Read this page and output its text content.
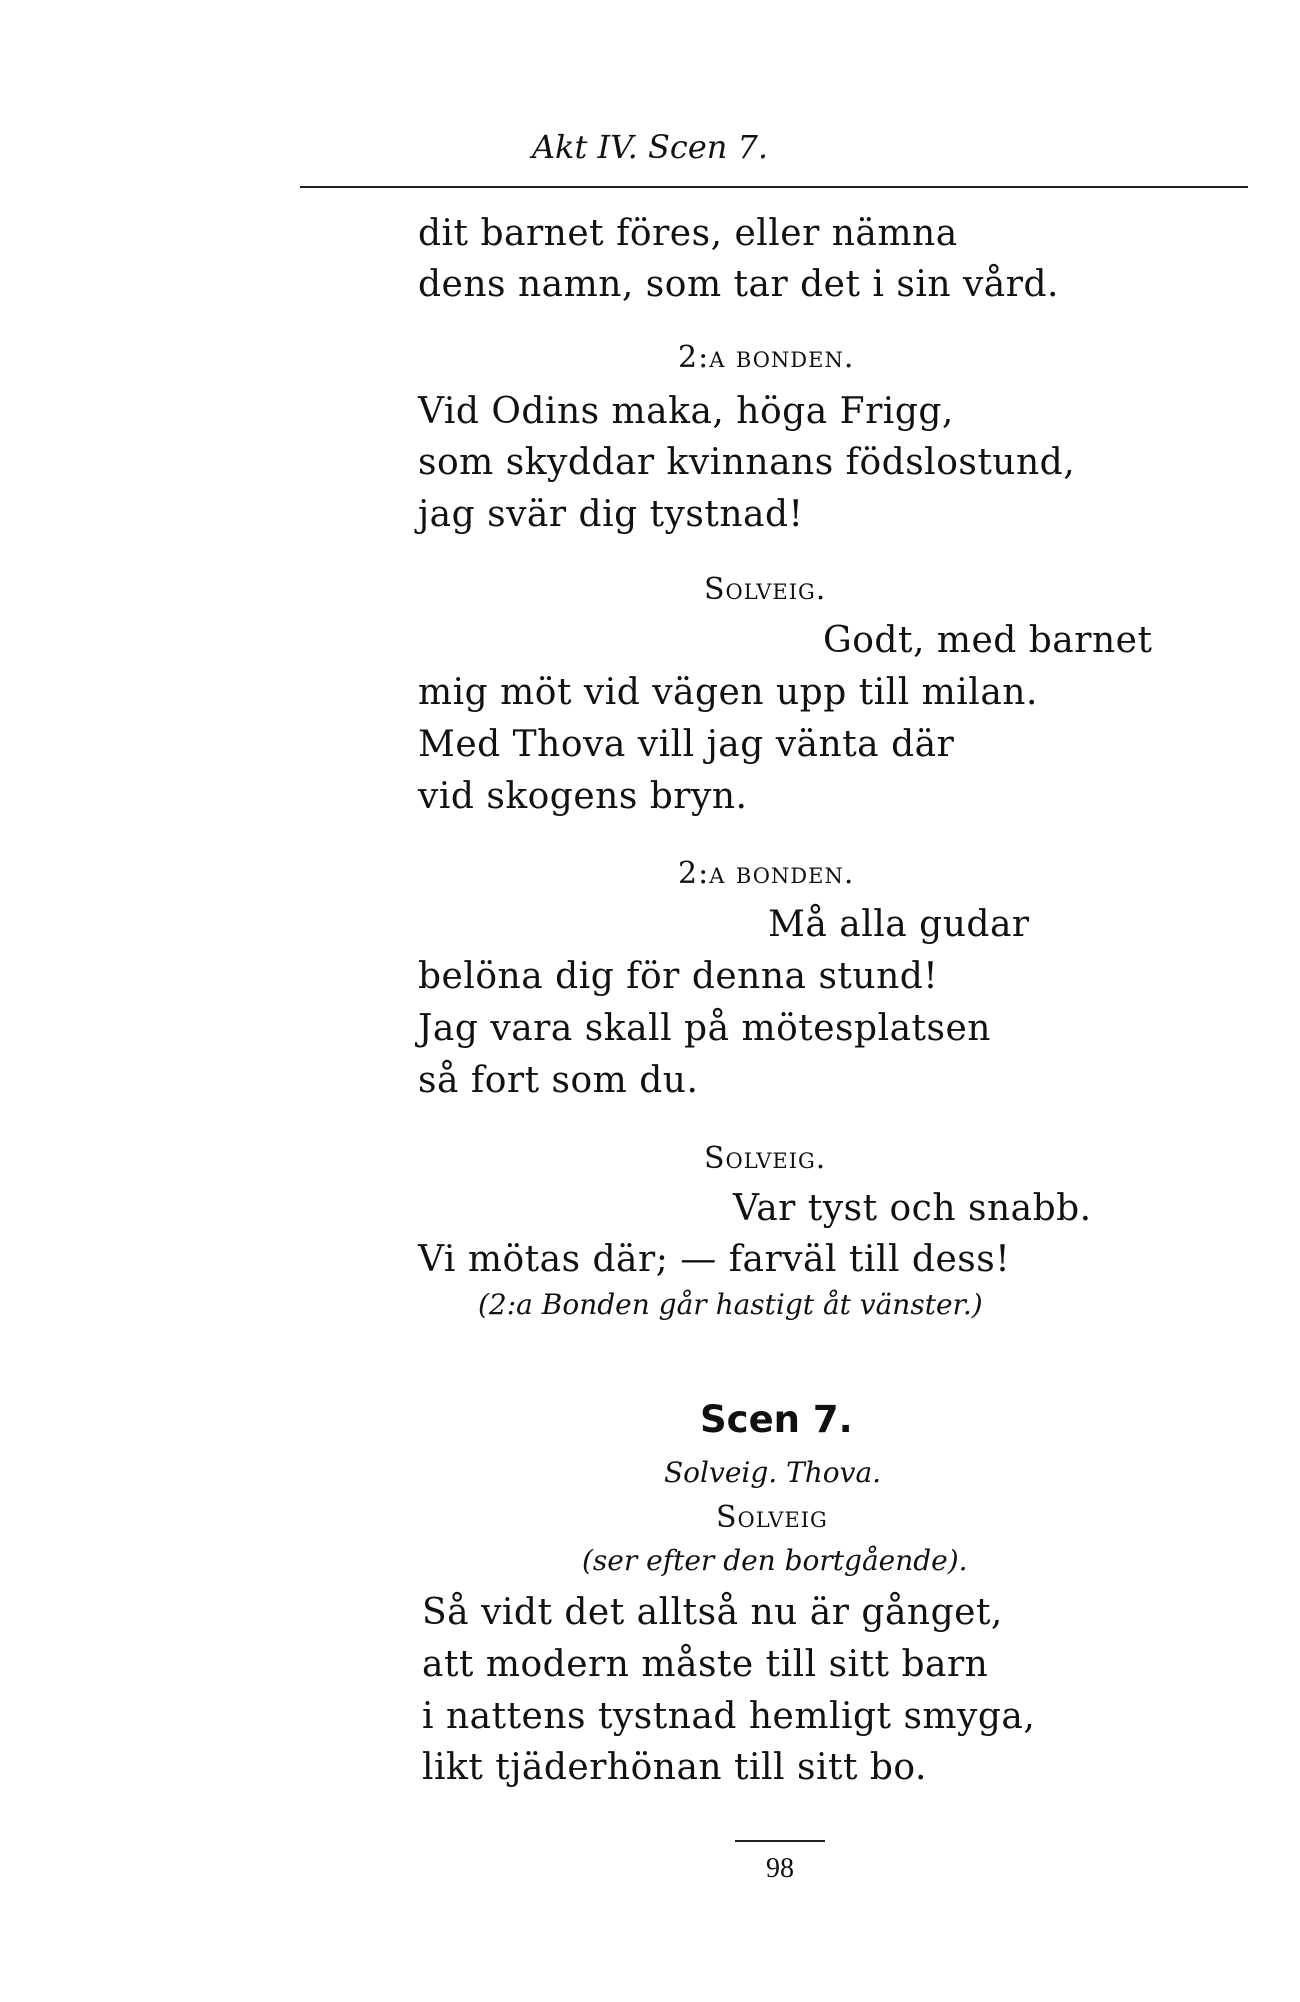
Akt IV. Scen 7.
dit barnet föres, eller nämna
dens namn, som tar det i sin vård.
2:a bonden.
Vid Odins maka, höga Frigg,
som skyddar kvinnans födslostund,
jag svär dig tystnad!
Solveig.
Godt, med barnet
mig möt vid vägen upp till milan.
Med Thova vill jag vänta där
vid skogens bryn.
2:a bonden.
Må alla gudar
belöna dig för denna stund!
Jag vara skall på mötesplatsen
så fort som du.
Solveig.
Var tyst och snabb.
Vi mötas där; — farväl till dess!
(2:a Bonden går hastigt åt vänster.)
Scen 7.
Solveig. Thova.
Solveig
(ser efter den bortgående).
Så vidt det alltså nu är gånget,
att modern måste till sitt barn
i nattens tystnad hemligt smyga,
likt tjäderhönan till sitt bo.
98
